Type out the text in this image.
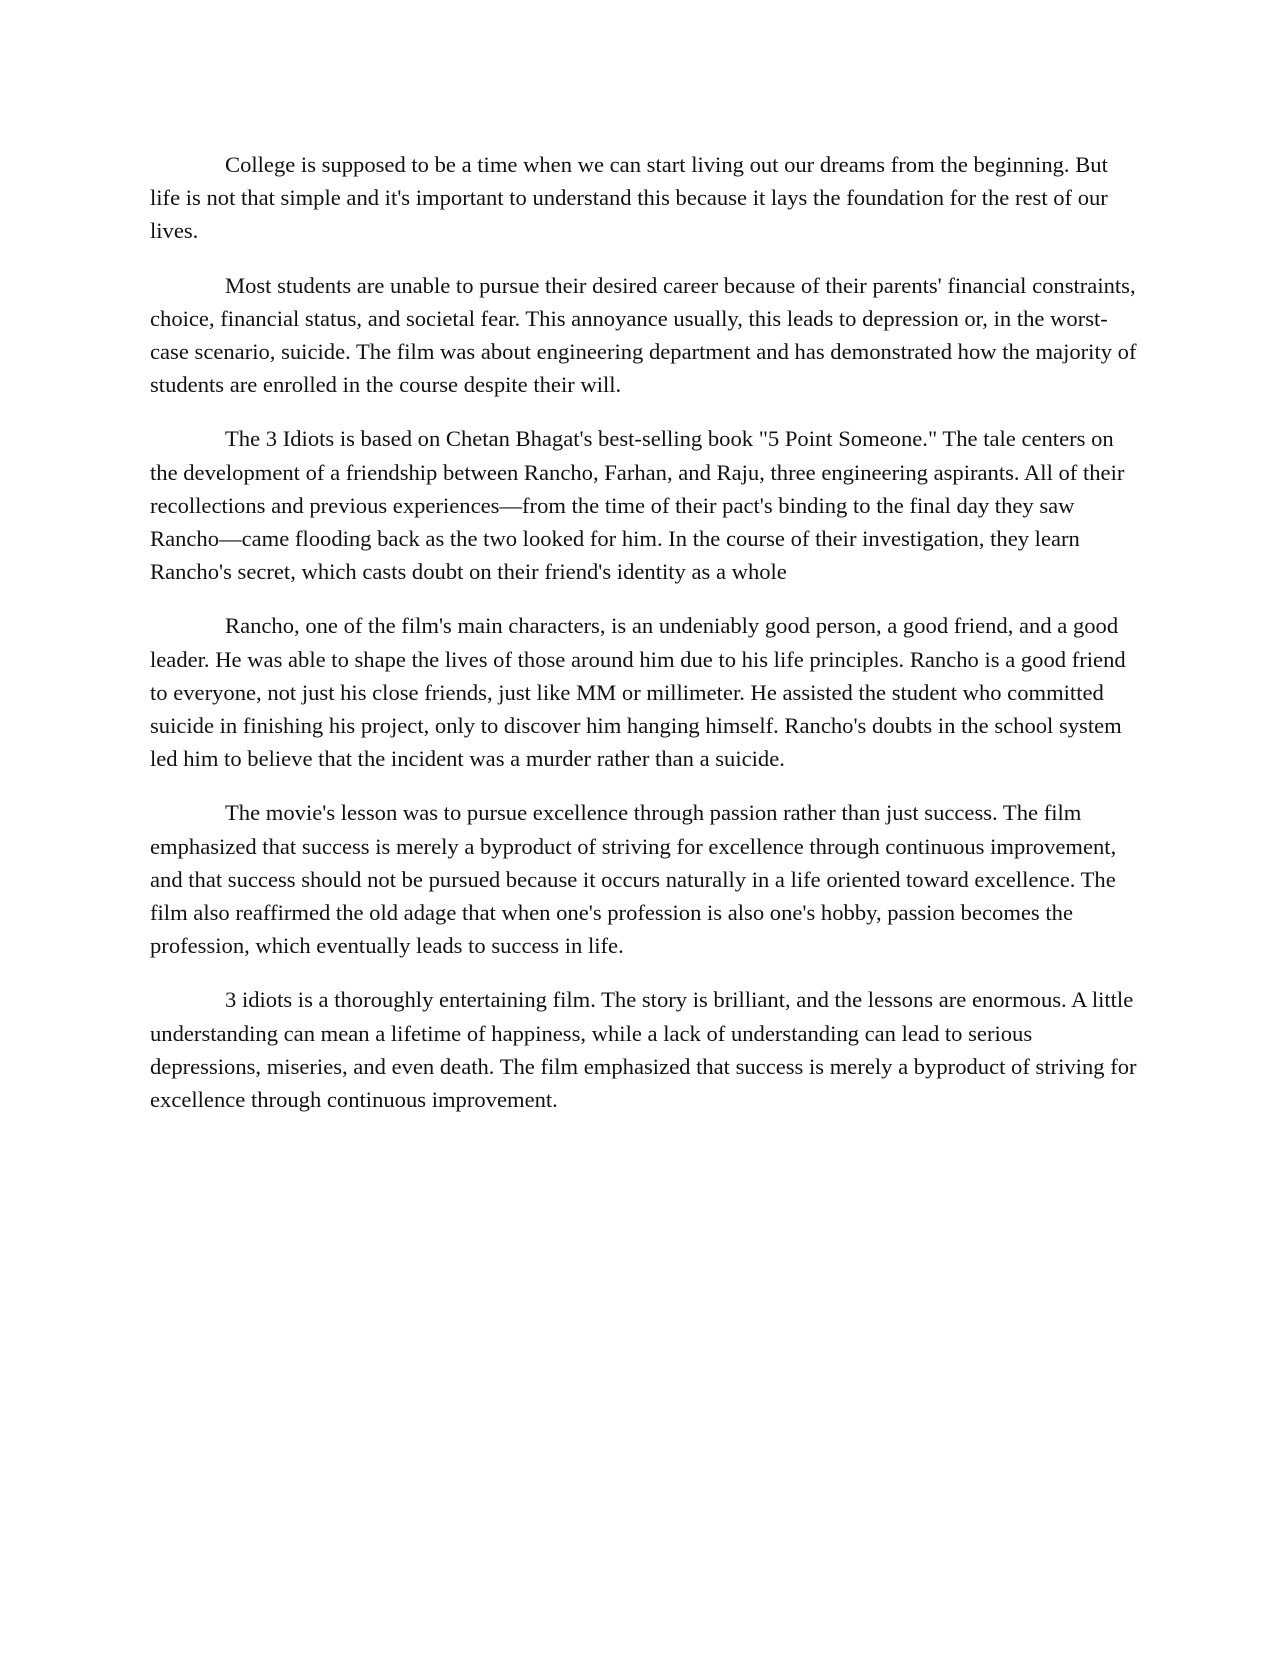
College is supposed to be a time when we can start living out our dreams from the beginning. But life is not that simple and it's important to understand this because it lays the foundation for the rest of our lives.

Most students are unable to pursue their desired career because of their parents' financial constraints, choice, financial status, and societal fear. This annoyance usually, this leads to depression or, in the worst-case scenario, suicide. The film was about engineering department and has demonstrated how the majority of students are enrolled in the course despite their will.

The 3 Idiots is based on Chetan Bhagat's best-selling book "5 Point Someone." The tale centers on the development of a friendship between Rancho, Farhan, and Raju, three engineering aspirants. All of their recollections and previous experiences—from the time of their pact's binding to the final day they saw Rancho—came flooding back as the two looked for him. In the course of their investigation, they learn Rancho's secret, which casts doubt on their friend's identity as a whole

Rancho, one of the film's main characters, is an undeniably good person, a good friend, and a good leader. He was able to shape the lives of those around him due to his life principles. Rancho is a good friend to everyone, not just his close friends, just like MM or millimeter. He assisted the student who committed suicide in finishing his project, only to discover him hanging himself. Rancho's doubts in the school system led him to believe that the incident was a murder rather than a suicide.

The movie's lesson was to pursue excellence through passion rather than just success. The film emphasized that success is merely a byproduct of striving for excellence through continuous improvement, and that success should not be pursued because it occurs naturally in a life oriented toward excellence. The film also reaffirmed the old adage that when one's profession is also one's hobby, passion becomes the profession, which eventually leads to success in life.

3 idiots is a thoroughly entertaining film. The story is brilliant, and the lessons are enormous. A little understanding can mean a lifetime of happiness, while a lack of understanding can lead to serious depressions, miseries, and even death. The film emphasized that success is merely a byproduct of striving for excellence through continuous improvement.
